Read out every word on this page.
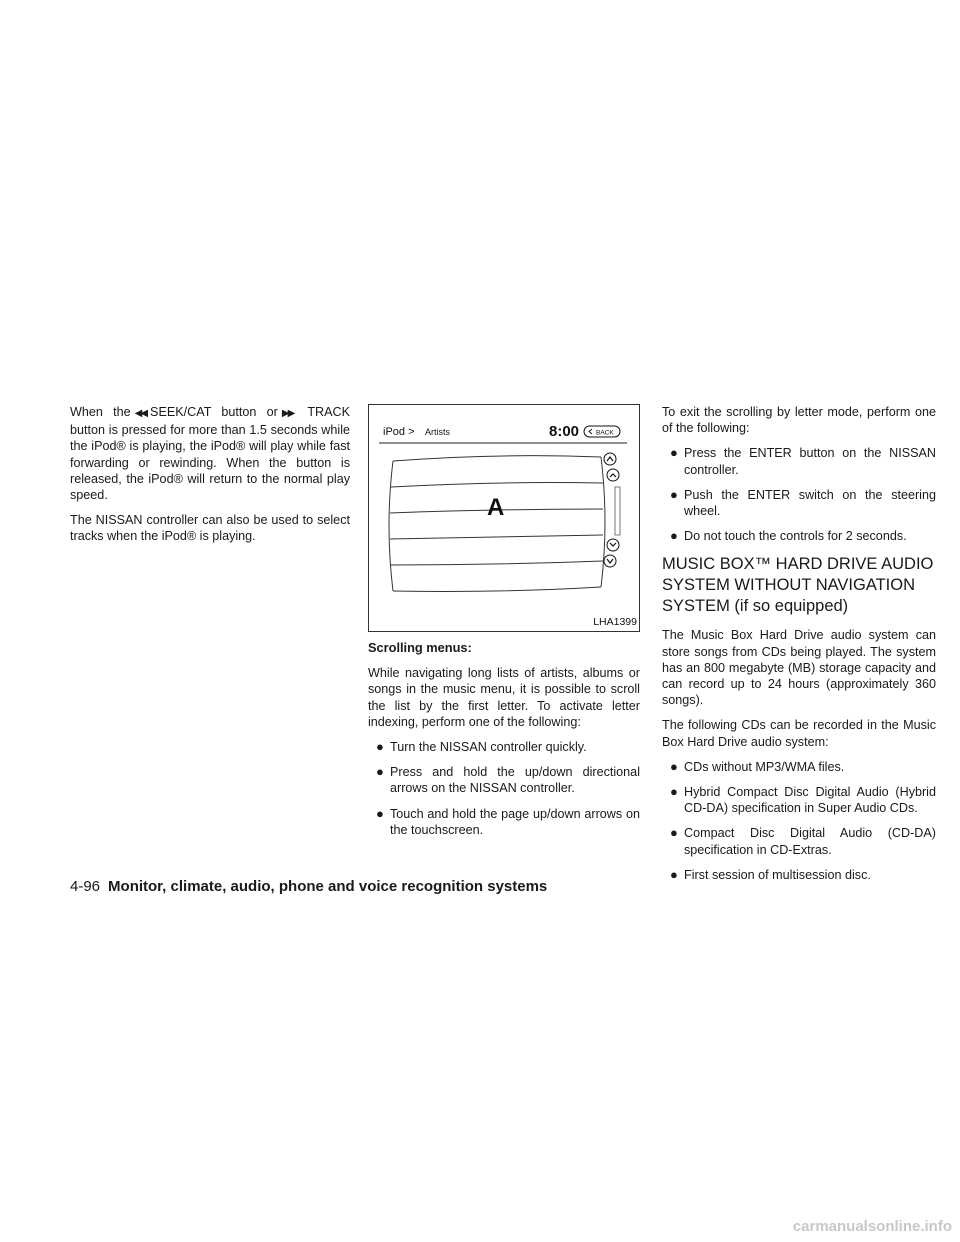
When the ◀◀ SEEK/CAT button or ▶▶ TRACK button is pressed for more than 1.5 seconds while the iPod® is playing, the iPod® will play while fast forwarding or rewinding. When the button is released, the iPod® will return to the normal play speed.

The NISSAN controller can also be used to select tracks when the iPod® is playing.

iPod > Artists	8:00	BACK
A
LHA1399

Scrolling menus:

While navigating long lists of artists, albums or songs in the music menu, it is possible to scroll the list by the first letter. To activate letter indexing, perform one of the following:

● Turn the NISSAN controller quickly.
● Press and hold the up/down directional arrows on the NISSAN controller.
● Touch and hold the page up/down arrows on the touchscreen.

To exit the scrolling by letter mode, perform one of the following:

● Press the ENTER button on the NISSAN controller.
● Push the ENTER switch on the steering wheel.
● Do not touch the controls for 2 seconds.
MUSIC BOX™ HARD DRIVE AUDIO SYSTEM WITHOUT NAVIGATION SYSTEM (if so equipped)

The Music Box Hard Drive audio system can store songs from CDs being played. The system has an 800 megabyte (MB) storage capacity and can record up to 24 hours (approximately 360 songs).

The following CDs can be recorded in the Music Box Hard Drive audio system:

● CDs without MP3/WMA files.
● Hybrid Compact Disc Digital Audio (Hybrid CD-DA) specification in Super Audio CDs.
● Compact Disc Digital Audio (CD-DA) specification in CD-Extras.
● First session of multisession disc.
4-96 Monitor, climate, audio, phone and voice recognition systems
carmanualsonline.info
